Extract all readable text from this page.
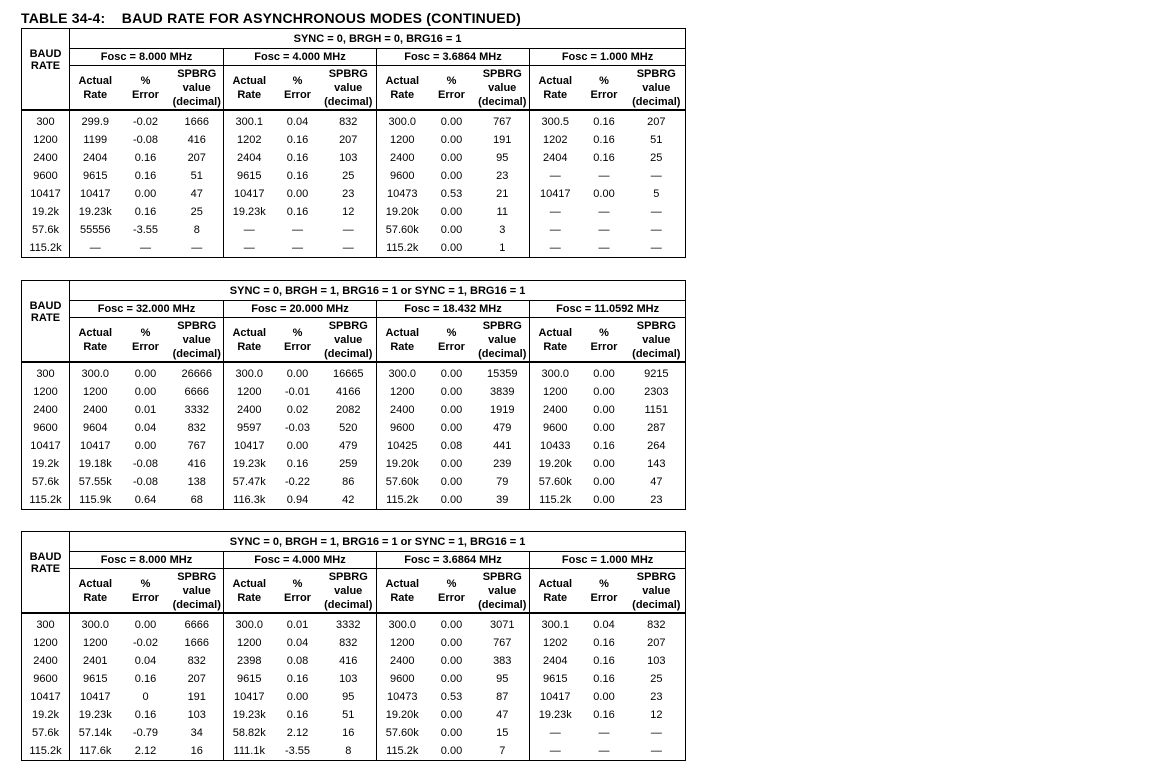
TABLE 34-4:    BAUD RATE FOR ASYNCHRONOUS MODES (CONTINUED)
BAUD
RATE	SYNC = 0, BRGH = 0, BRG16 = 1											
	Fosc = 8.000 MHz			Fosc = 4.000 MHz			Fosc = 3.6864 MHz			Fosc = 1.000 MHz		
	Actual
Rate	%
Error	SPBRG
value
(decimal)	Actual
Rate	%
Error	SPBRG
value
(decimal)	Actual
Rate	%
Error	SPBRG
value
(decimal)	Actual
Rate	%
Error	SPBRG
value
(decimal)
300	299.9	-0.02	1666	300.1	0.04	832	300.0	0.00	767	300.5	0.16	207
1200	1199	-0.08	416	1202	0.16	207	1200	0.00	191	1202	0.16	51
2400	2404	0.16	207	2404	0.16	103	2400	0.00	95	2404	0.16	25
9600	9615	0.16	51	9615	0.16	25	9600	0.00	23	—	—	—
10417	10417	0.00	47	10417	0.00	23	10473	0.53	21	10417	0.00	5
19.2k	19.23k	0.16	25	19.23k	0.16	12	19.20k	0.00	11	—	—	—
57.6k	55556	-3.55	8	—	—	—	57.60k	0.00	3	—	—	—
115.2k	—	—	—	—	—	—	115.2k	0.00	1	—	—	—
BAUD
RATE	SYNC = 0, BRGH = 1, BRG16 = 1 or SYNC = 1, BRG16 = 1											
	Fosc = 32.000 MHz			Fosc = 20.000 MHz			Fosc = 18.432 MHz			Fosc = 11.0592 MHz		
	Actual
Rate	%
Error	SPBRG
value
(decimal)	Actual
Rate	%
Error	SPBRG
value
(decimal)	Actual
Rate	%
Error	SPBRG
value
(decimal)	Actual
Rate	%
Error	SPBRG
value
(decimal)
300	300.0	0.00	26666	300.0	0.00	16665	300.0	0.00	15359	300.0	0.00	9215
1200	1200	0.00	6666	1200	-0.01	4166	1200	0.00	3839	1200	0.00	2303
2400	2400	0.01	3332	2400	0.02	2082	2400	0.00	1919	2400	0.00	1151
9600	9604	0.04	832	9597	-0.03	520	9600	0.00	479	9600	0.00	287
10417	10417	0.00	767	10417	0.00	479	10425	0.08	441	10433	0.16	264
19.2k	19.18k	-0.08	416	19.23k	0.16	259	19.20k	0.00	239	19.20k	0.00	143
57.6k	57.55k	-0.08	138	57.47k	-0.22	86	57.60k	0.00	79	57.60k	0.00	47
115.2k	115.9k	0.64	68	116.3k	0.94	42	115.2k	0.00	39	115.2k	0.00	23
BAUD
RATE	SYNC = 0, BRGH = 1, BRG16 = 1 or SYNC = 1, BRG16 = 1											
	Fosc = 8.000 MHz			Fosc = 4.000 MHz			Fosc = 3.6864 MHz			Fosc = 1.000 MHz		
	Actual
Rate	%
Error	SPBRG
value
(decimal)	Actual
Rate	%
Error	SPBRG
value
(decimal)	Actual
Rate	%
Error	SPBRG
value
(decimal)	Actual
Rate	%
Error	SPBRG
value
(decimal)
300	300.0	0.00	6666	300.0	0.01	3332	300.0	0.00	3071	300.1	0.04	832
1200	1200	-0.02	1666	1200	0.04	832	1200	0.00	767	1202	0.16	207
2400	2401	0.04	832	2398	0.08	416	2400	0.00	383	2404	0.16	103
9600	9615	0.16	207	9615	0.16	103	9600	0.00	95	9615	0.16	25
10417	10417	0	191	10417	0.00	95	10473	0.53	87	10417	0.00	23
19.2k	19.23k	0.16	103	19.23k	0.16	51	19.20k	0.00	47	19.23k	0.16	12
57.6k	57.14k	-0.79	34	58.82k	2.12	16	57.60k	0.00	15	—	—	—
115.2k	117.6k	2.12	16	111.1k	-3.55	8	115.2k	0.00	7	—	—	—
